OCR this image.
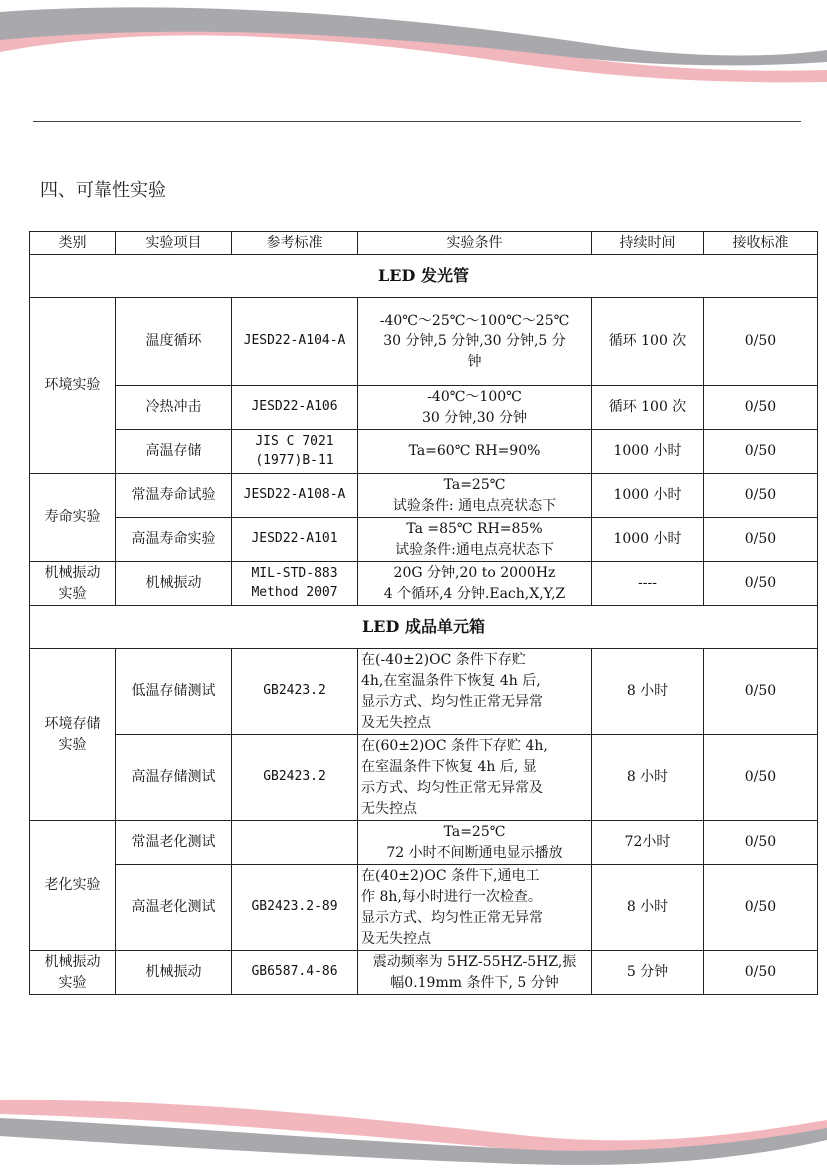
四、可靠性实验
类别	实验项目	参考标准	实验条件	持续时间	接收标准
LED 发光管					
环境实验	温度循环	JESD22-A104-A	-40℃～25℃～100℃～25℃
30 分钟,5 分钟,30 分钟,5 分
钟	循环 100 次	0/50
	冷热冲击	JESD22-A106	-40℃～100℃
30 分钟,30 分钟	循环 100 次	0/50
	高温存储	JIS C 7021
(1977)B-11	Ta=60℃ RH=90%	1000 小时	0/50
寿命实验	常温寿命试验	JESD22-A108-A	Ta=25℃
试验条件: 通电点亮状态下	1000 小时	0/50
	高温寿命实验	JESD22-A101	Ta =85℃ RH=85%
试验条件:通电点亮状态下	1000 小时	0/50
机械振动
实验	机械振动	MIL-STD-883
Method 2007	20G 分钟,20 to 2000Hz
4 个循环,4 分钟.Each,X,Y,Z	----	0/50
LED 成品单元箱					
环境存储
实验	低温存储测试	GB2423.2	在(-40±2)OC 条件下存贮
4h,在室温条件下恢复 4h 后,
显示方式、均匀性正常无异常
及无失控点	8 小时	0/50
	高温存储测试	GB2423.2	在(60±2)OC 条件下存贮 4h,
在室温条件下恢复 4h 后, 显
示方式、均匀性正常无异常及
无失控点	8 小时	0/50
老化实验	常温老化测试		Ta=25℃
72 小时不间断通电显示播放	72小时	0/50
	高温老化测试	GB2423.2-89	在(40±2)OC 条件下,通电工
作 8h,每小时进行一次检查。
显示方式、均匀性正常无异常
及无失控点	8 小时	0/50
机械振动
实验	机械振动	GB6587.4-86	震动频率为 5HZ-55HZ-5HZ,振
幅0.19mm 条件下, 5 分钟	5 分钟	0/50
